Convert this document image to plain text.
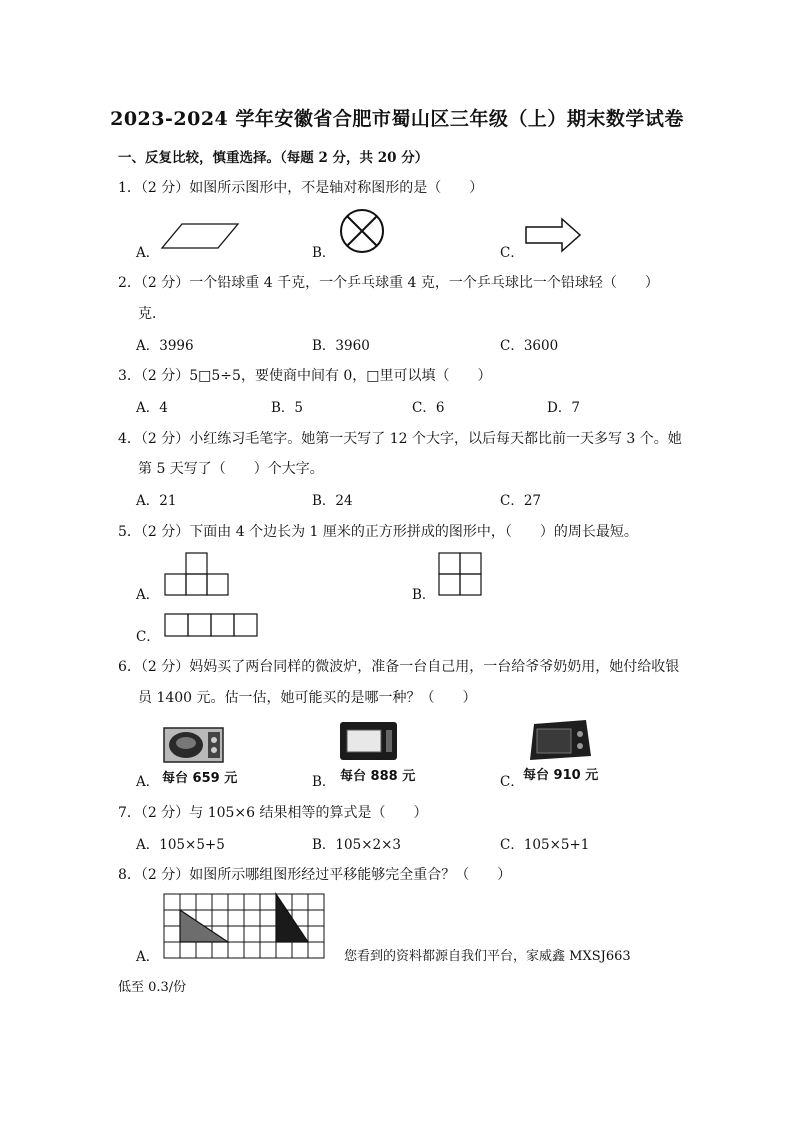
2023-2024 学年安徽省合肥市蜀山区三年级（上）期末数学试卷
一、反复比较，慎重选择。（每题 2 分，共 20 分）
1．（2 分）如图所示图形中，不是轴对称图形的是（　　）
A．	B．	C．
2．（2 分）一个铅球重 4 千克，一个乒乓球重 4 克，一个乒乓球比一个铅球轻（　　）
克．
A．3996	B．3960	C．3600
3．（2 分）5□5÷5，要使商中间有 0，□里可以填（　　）
A．4	B．5	C．6	D．7
4．（2 分）小红练习毛笔字。她第一天写了 12 个大字，以后每天都比前一天多写 3 个。她
第 5 天写了（　　）个大字。
A．21	B．24	C．27
5．（2 分）下面由 4 个边长为 1 厘米的正方形拼成的图形中，（　　）的周长最短。
A．	B．
C．
6．（2 分）妈妈买了两台同样的微波炉，准备一台自己用，一台给爷爷奶奶用，她付给收银
员 1400 元。估一估，她可能买的是哪一种？（　　）
A． 每台 659 元	B． 每台 888 元	C． 每台 910 元
7．（2 分）与 105×6 结果相等的算式是（　　）
A．105×5+5	B．105×2×3	C．105×5+1
8．（2 分）如图所示哪组图形经过平移能够完全重合？（　　）
A．	您看到的资料都源自我们平台，家威鑫 MXSJ663
低至 0.3/份
